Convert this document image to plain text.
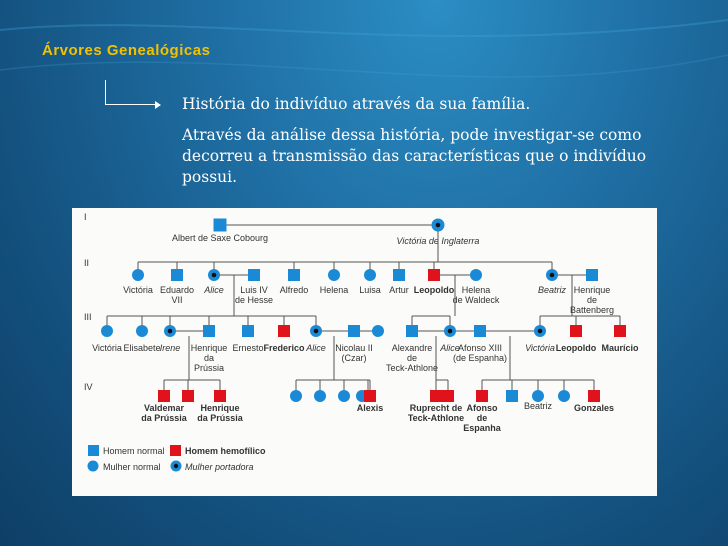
Árvores Genealógicas
História do indivíduo através da sua família.
Através da análise dessa história, pode investigar-se como decorreu a transmissão das características que o indivíduo possui.
I
II
III
IV
Albert de Saxe Cobourg	Victória de Inglaterra
Victória Eduardo
VII
Alice Luis IV
de Hesse
Alfredo Helena Luisa Artur Leopoldo Helena
de Waldeck
Beatriz Henrique
de
Battenberg
Victória Elisabete Irene Henrique
da
Prússia
Ernesto Frederico Alice Nicolau II
(Czar)
Alexandre
de
Teck-Athlone
Alice
Afonso XIII
(de Espanha)
Victória Leopoldo Maurício
Valdemar
da Prússia
Henrique
da Prússia
Alexis	Ruprecht de
Teck-Athlone
Afonso
de
Espanha
Beatriz Gonzales
Homem normal Homem hemofílico
Mulher normal	Mulher portadora
